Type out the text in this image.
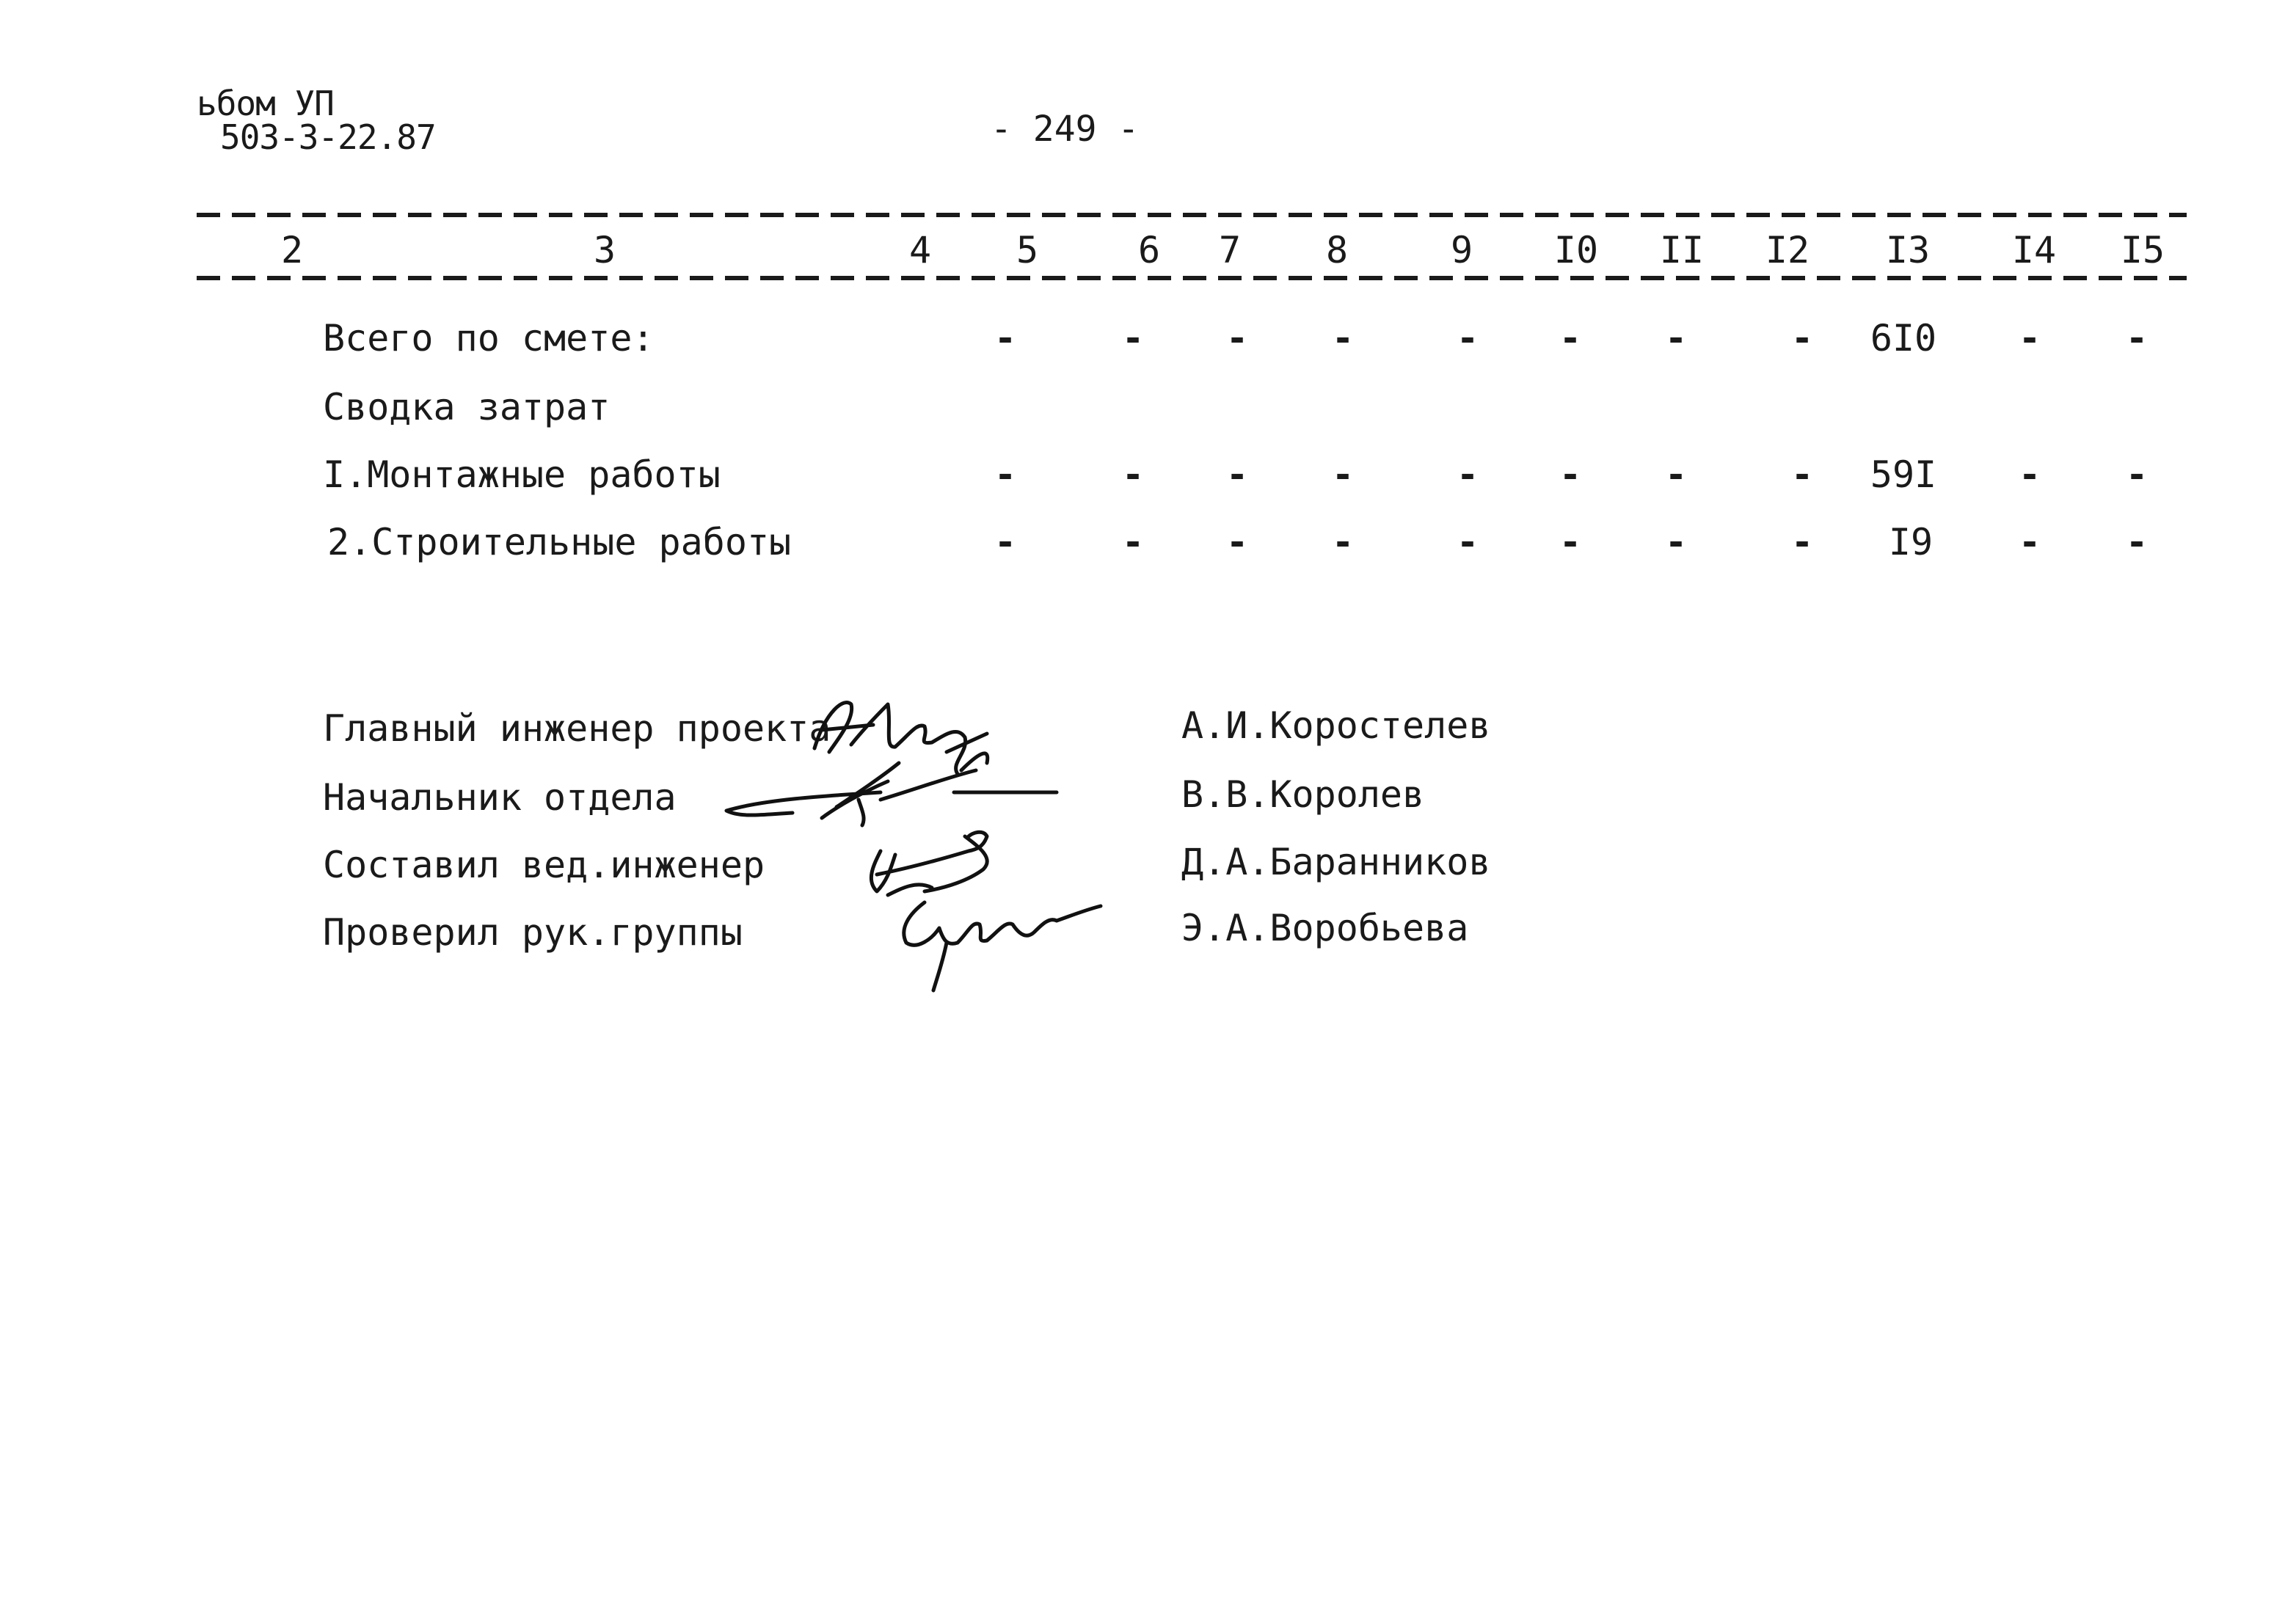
ьбом УП
503-3-22.87	- 249 -
2	3	4 5	6 7 8	9 I0 II I2 I3 I4 I5
Всего по смете:	-	- - -	- - -	- 6I0 - -
Сводка затрат
I.Монтажные работы	-	- - -	- - -	- 59I - -
2.Строительные работы	-	- - -	- - -	- I9 - -
Главный инженер проекта	А.И.Коростелев
Начальник отдела	В.В.Королев
Составил вед.инженер	Д.А.Баранников
Проверил рук.группы	Э.А.Воробьева
